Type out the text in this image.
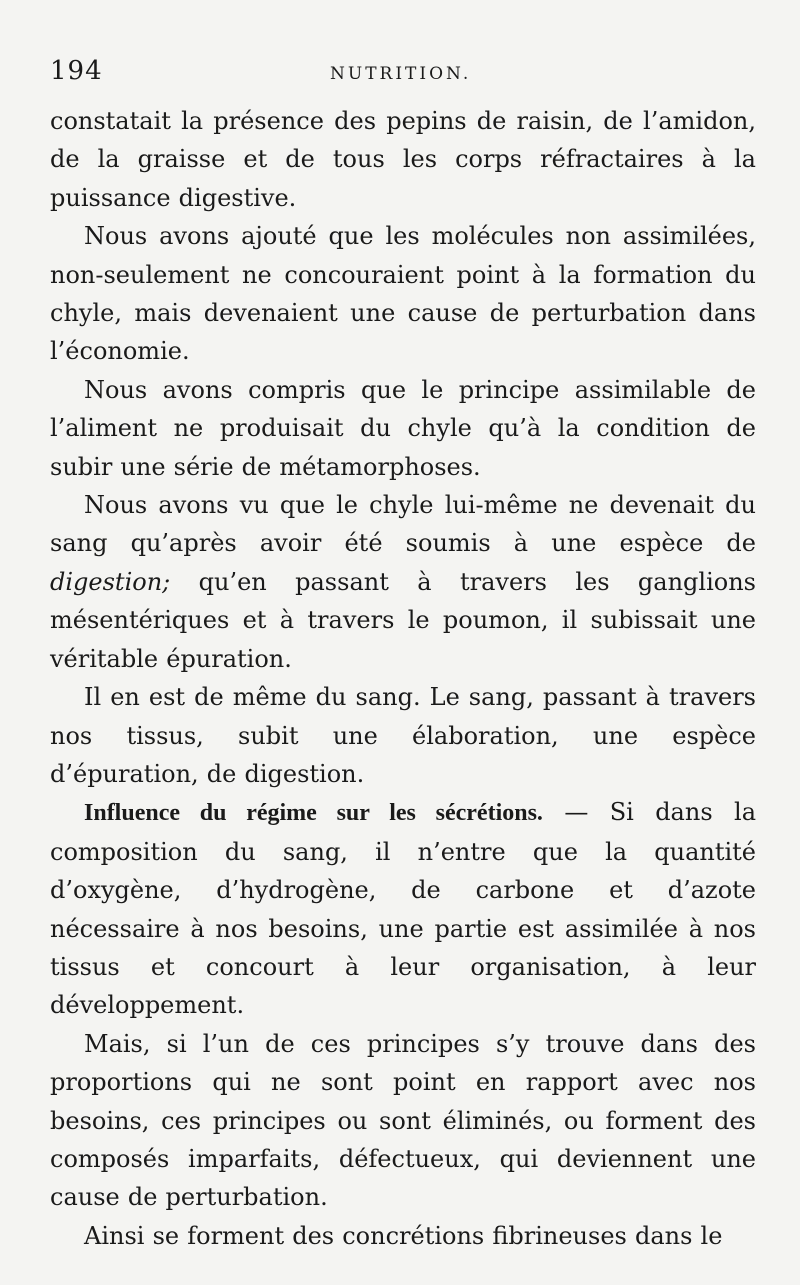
194	NUTRITION.

constatait la présence des pepins de raisin, de l’amidon, de la graisse et de tous les corps réfractaires à la puissance digestive.

Nous avons ajouté que les molécules non assimilées, non-seulement ne concouraient point à la formation du chyle, mais devenaient une cause de perturbation dans l’économie.

Nous avons compris que le principe assimilable de l’aliment ne produisait du chyle qu’à la condition de subir une série de métamorphoses.

Nous avons vu que le chyle lui-même ne devenait du sang qu’après avoir été soumis à une espèce de digestion; qu’en passant à travers les ganglions mésentériques et à travers le poumon, il subissait une véritable épuration.

Il en est de même du sang. Le sang, passant à travers nos tissus, subit une élaboration, une espèce d’épuration, de digestion.

Influence du régime sur les sécrétions. — Si dans la composition du sang, il n’entre que la quantité d’oxygène, d’hydrogène, de carbone et d’azote nécessaire à nos besoins, une partie est assimilée à nos tissus et concourt à leur organisation, à leur développement.

Mais, si l’un de ces principes s’y trouve dans des proportions qui ne sont point en rapport avec nos besoins, ces principes ou sont éliminés, ou forment des composés imparfaits, défectueux, qui deviennent une cause de perturbation.

Ainsi se forment des concrétions fibrineuses dans le
